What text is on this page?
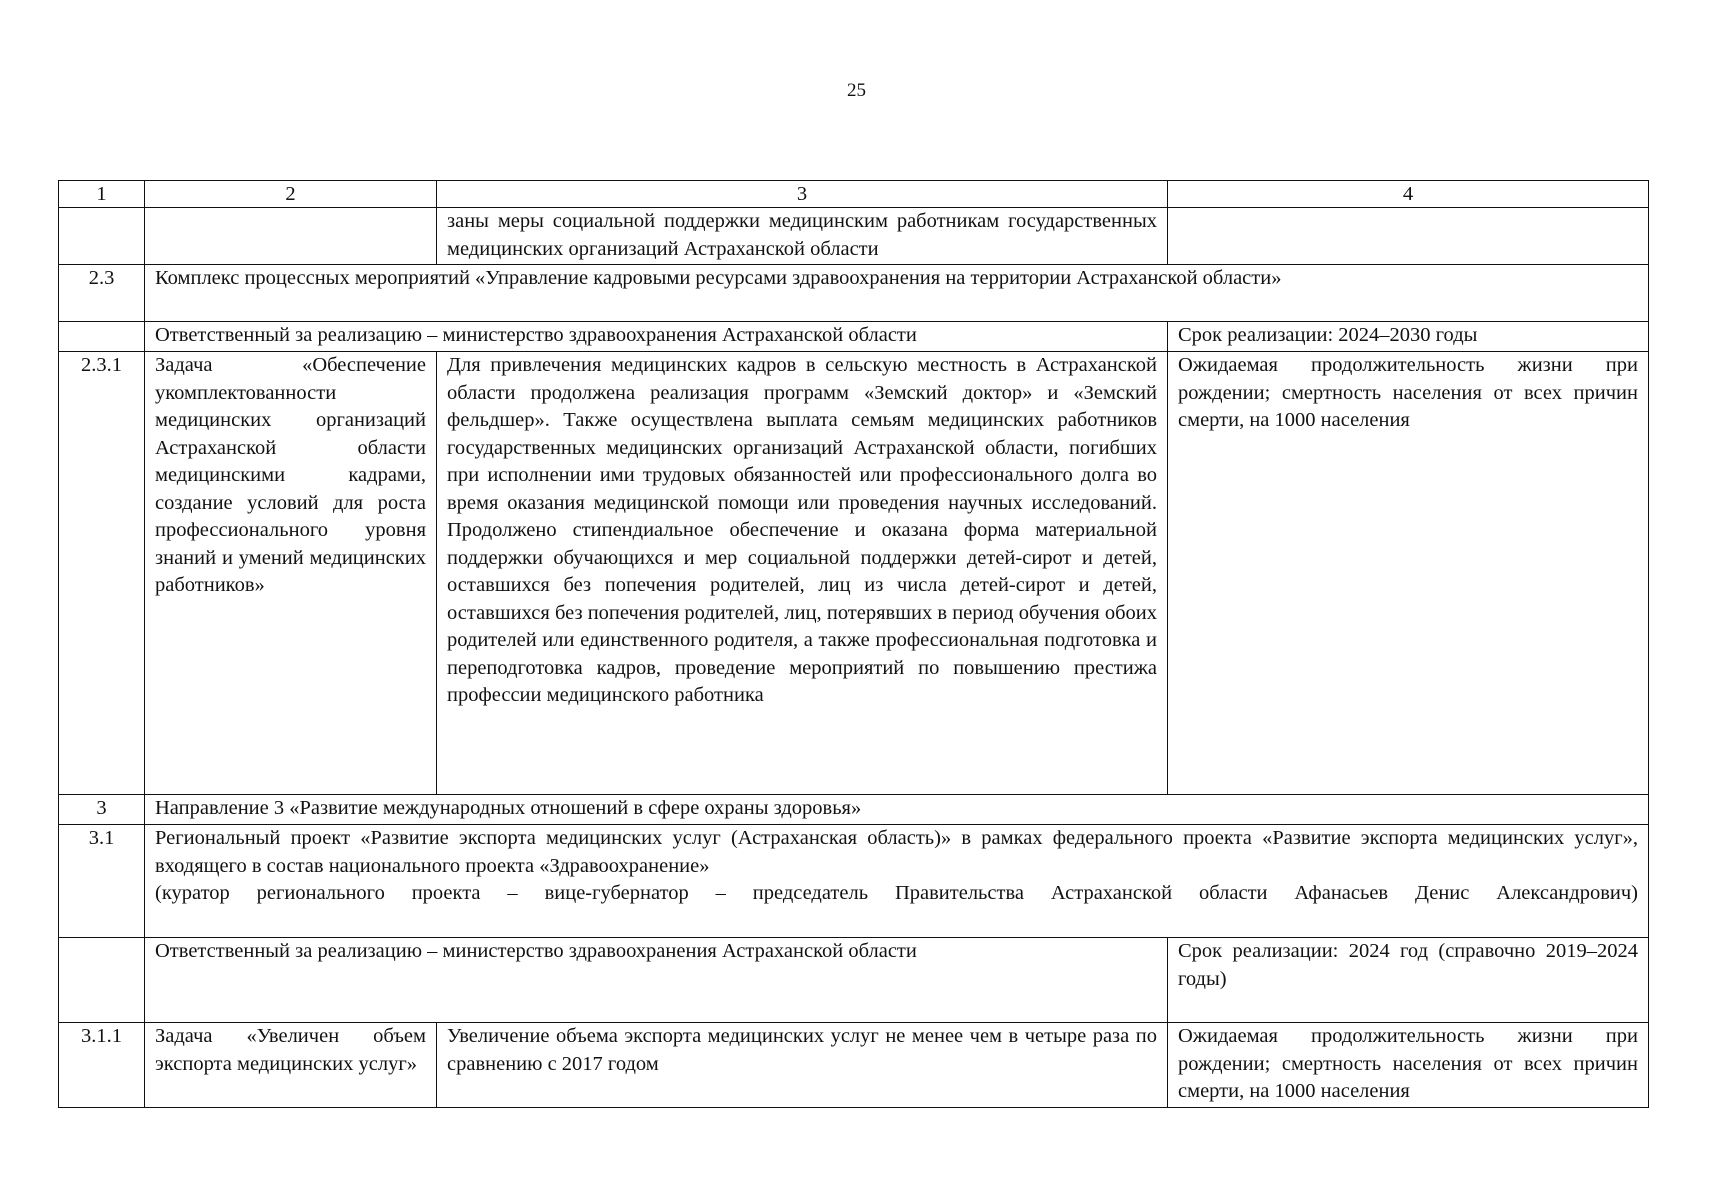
25
1	2	3	4
		заны меры социальной поддержки медицинским работникам государственных медицинских организаций Астраханской области	
2.3	Комплекс процессных мероприятий «Управление кадровыми ресурсами здравоохранения на территории Астраханской области»		
	Ответственный за реализацию – министерство здравоохранения Астраханской области		Срок реализации: 2024–2030 годы
2.3.1	Задача «Обеспечение укомплектованности медицинских организаций Астраханской области медицинскими кадрами, создание условий для роста профессионального уровня знаний и умений медицинских работников»	Для привлечения медицинских кадров в сельскую местность в Астраханской области продолжена реализация программ «Земский доктор» и «Земский фельдшер». Также осуществлена выплата семьям медицинских работников государственных медицинских организаций Астраханской области, погибших при исполнении ими трудовых обязанностей или профессионального долга во время оказания медицинской помощи или проведения научных исследований. Продолжено стипендиальное обеспечение и оказана форма материальной поддержки обучающихся и мер социальной поддержки детей-сирот и детей, оставшихся без попечения родителей, лиц из числа детей-сирот и детей, оставшихся без попечения родителей, лиц, потерявших в период обучения обоих родителей или единственного родителя, а также профессиональная подготовка и переподготовка кадров, проведение мероприятий по повышению престижа профессии медицинского работника	Ожидаемая продолжительность жизни при рождении; смертность населения от всех причин смерти, на 1000 населения
3	Направление 3 «Развитие международных отношений в сфере охраны здоровья»		
3.1	Региональный проект «Развитие экспорта медицинских услуг (Астраханская область)» в рамках федерального проекта «Развитие экспорта медицинских услуг», входящего в состав национального проекта «Здравоохранение»
(куратор регионального проекта – вице-губернатор – председатель Правительства Астраханской области Афанасьев Денис Александрович)		

	Ответственный за реализацию – министерство здравоохранения Астраханской области		Срок реализации: 2024 год (справочно 2019–2024 годы)
3.1.1	Задача «Увеличен объем экспорта медицинских услуг»	Увеличение объема экспорта медицинских услуг не менее чем в четыре раза по сравнению с 2017 годом	Ожидаемая продолжительность жизни при рождении; смертность населения от всех причин смерти, на 1000 населения
